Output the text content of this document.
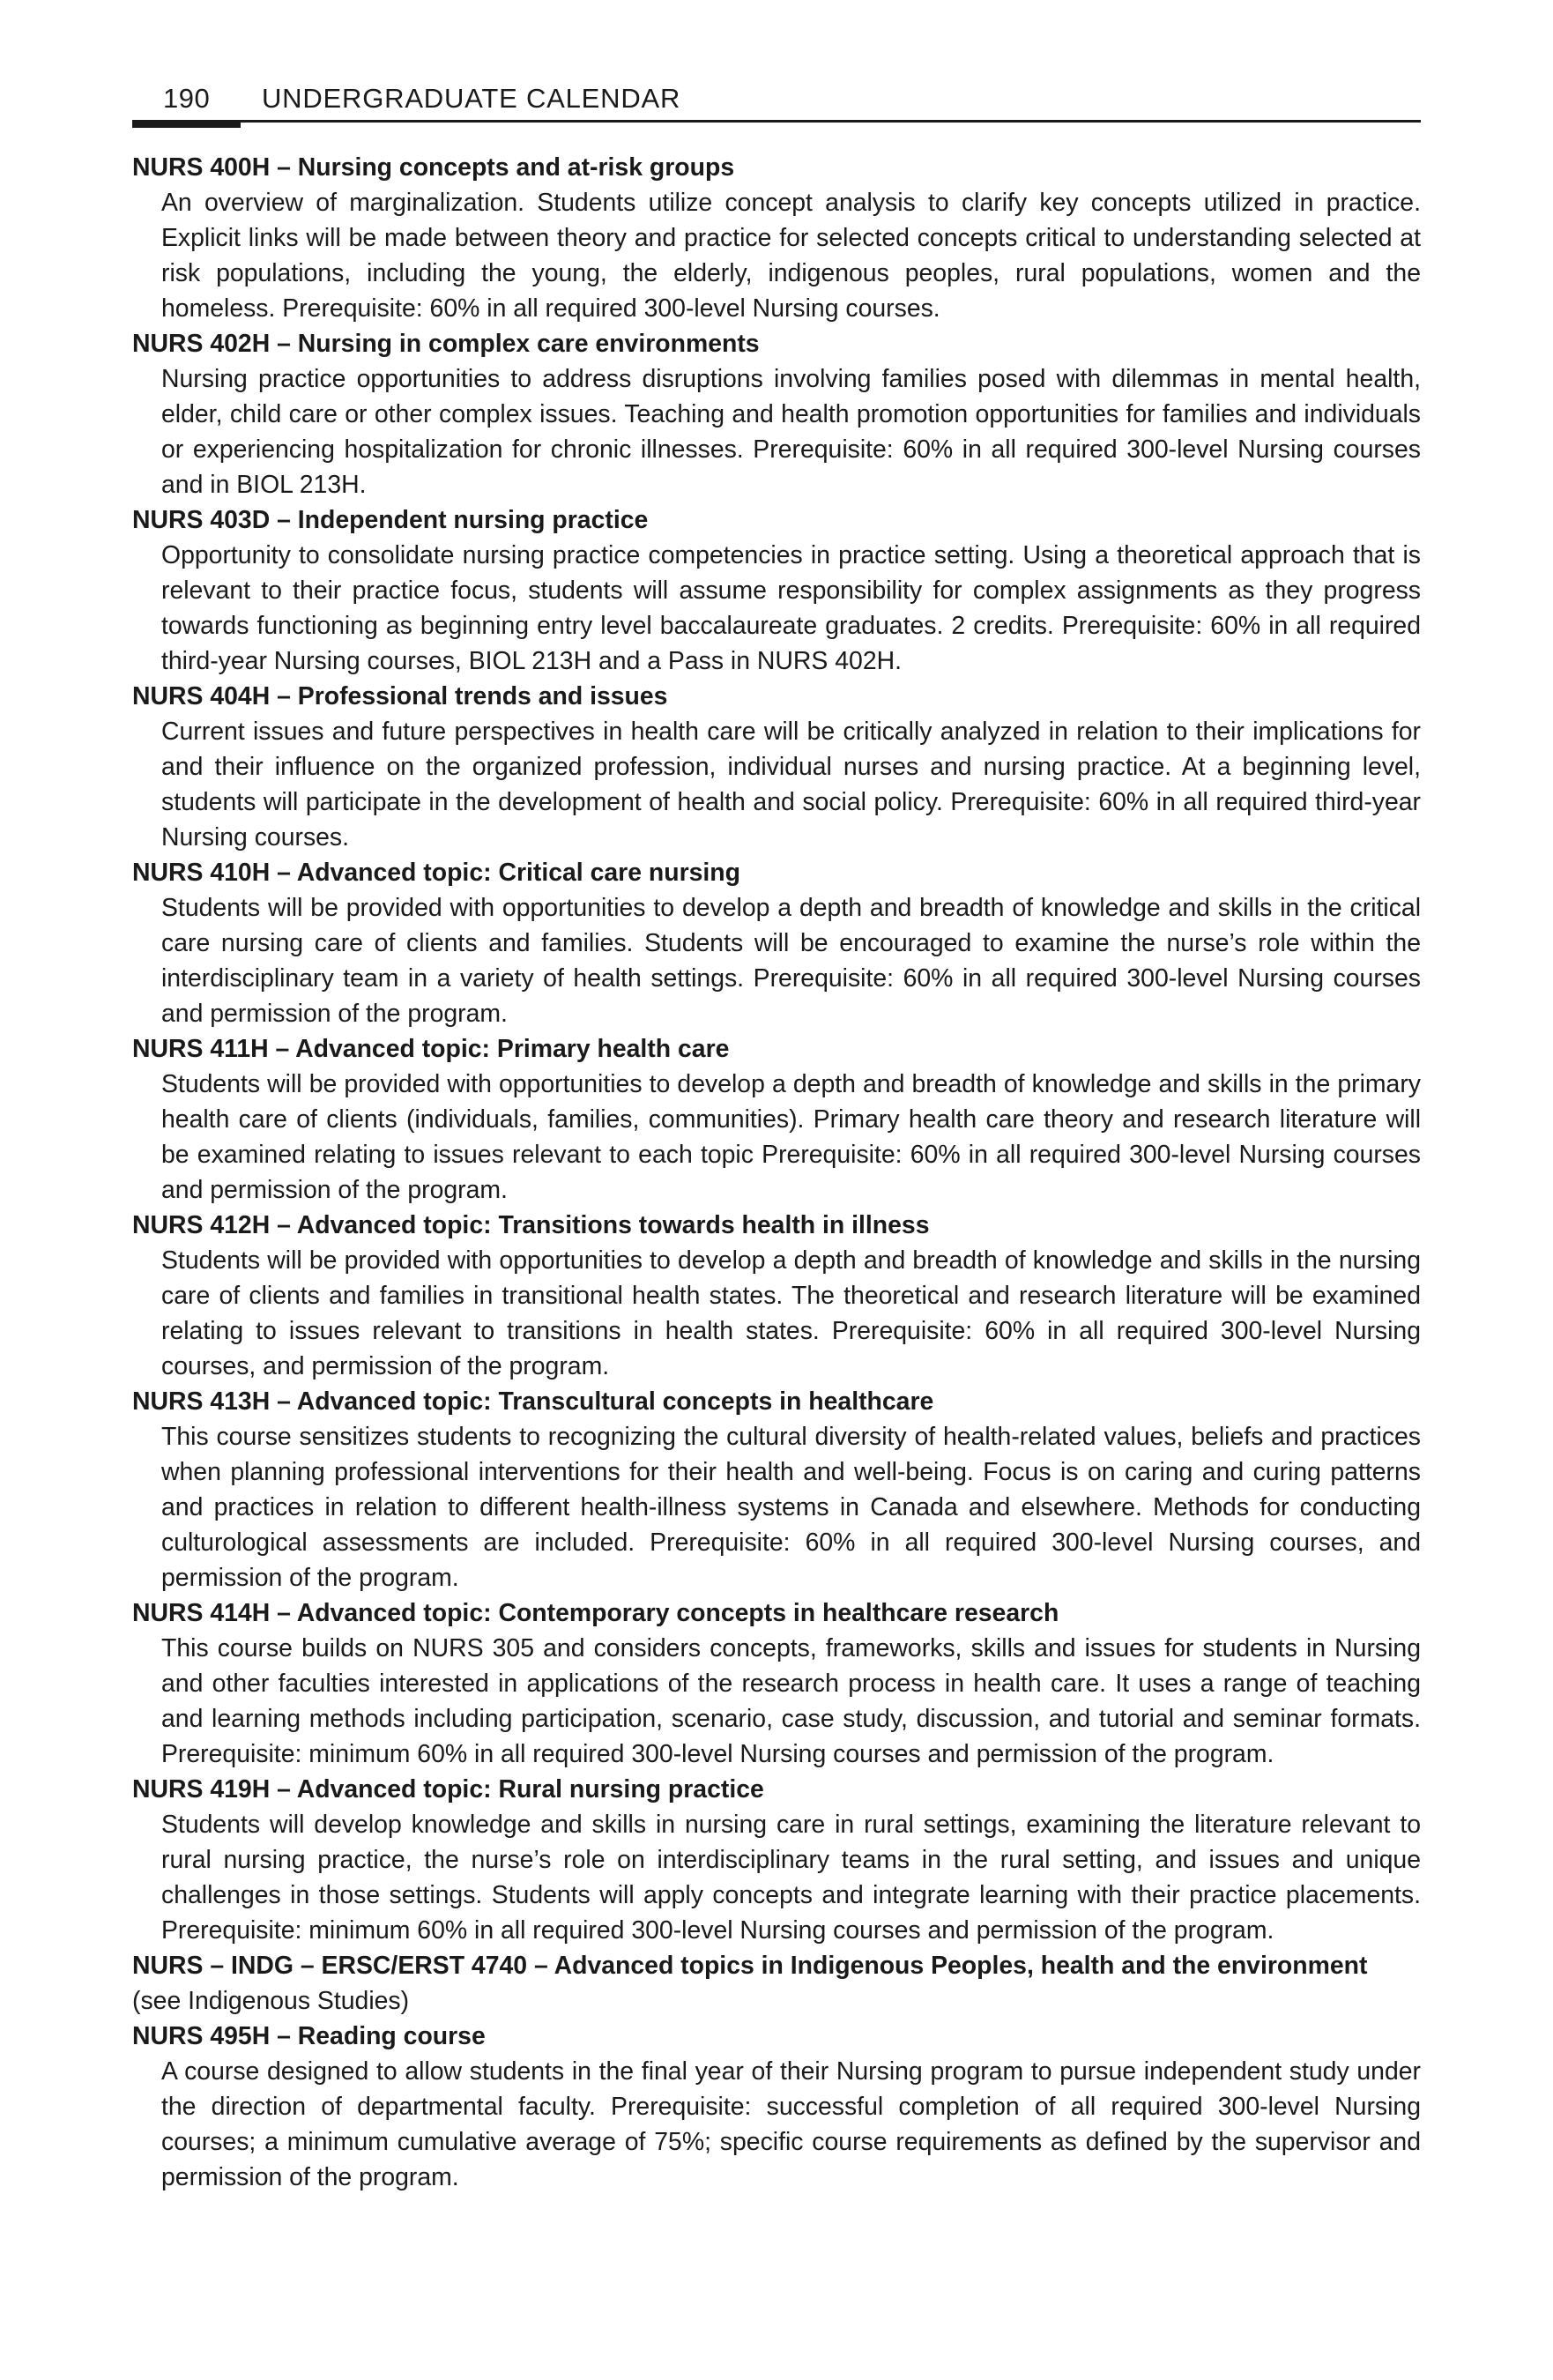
190 UNDERGRADUATE CALENDAR

NURS 400H – Nursing concepts and at-risk groups

An overview of marginalization. Students utilize concept analysis to clarify key concepts utilized in practice. Explicit links will be made between theory and practice for selected concepts critical to understanding selected at risk populations, including the young, the elderly, indigenous peoples, rural populations, women and the homeless. Prerequisite: 60% in all required 300-level Nursing courses.

NURS 402H – Nursing in complex care environments

Nursing practice opportunities to address disruptions involving families posed with dilemmas in mental health, elder, child care or other complex issues. Teaching and health promotion opportunities for families and individuals or experiencing hospitalization for chronic illnesses. Prerequisite: 60% in all required 300-level Nursing courses and in BIOL 213H.

NURS 403D – Independent nursing practice

Opportunity to consolidate nursing practice competencies in practice setting. Using a theoretical approach that is relevant to their practice focus, students will assume responsibility for complex assignments as they progress towards functioning as beginning entry level baccalaureate graduates. 2 credits. Prerequisite: 60% in all required third-year Nursing courses, BIOL 213H and a Pass in NURS 402H.

NURS 404H – Professional trends and issues

Current issues and future perspectives in health care will be critically analyzed in relation to their implications for and their influence on the organized profession, individual nurses and nursing practice. At a beginning level, students will participate in the development of health and social policy. Prerequisite: 60% in all required third-year Nursing courses.

NURS 410H – Advanced topic: Critical care nursing

Students will be provided with opportunities to develop a depth and breadth of knowledge and skills in the critical care nursing care of clients and families. Students will be encouraged to examine the nurse’s role within the interdisciplinary team in a variety of health settings. Prerequisite: 60% in all required 300-level Nursing courses and permission of the program.

NURS 411H – Advanced topic: Primary health care

Students will be provided with opportunities to develop a depth and breadth of knowledge and skills in the primary health care of clients (individuals, families, communities). Primary health care theory and research literature will be examined relating to issues relevant to each topic Prerequisite: 60% in all required 300-level Nursing courses and permission of the program.

NURS 412H – Advanced topic: Transitions towards health in illness

Students will be provided with opportunities to develop a depth and breadth of knowledge and skills in the nursing care of clients and families in transitional health states. The theoretical and research literature will be examined relating to issues relevant to transitions in health states. Prerequisite: 60% in all required 300-level Nursing courses, and permission of the program.

NURS 413H – Advanced topic: Transcultural concepts in healthcare

This course sensitizes students to recognizing the cultural diversity of health-related values, beliefs and practices when planning professional interventions for their health and well-being. Focus is on caring and curing patterns and practices in relation to different health-illness systems in Canada and elsewhere. Methods for conducting culturological assessments are included. Prerequisite: 60% in all required 300-level Nursing courses, and permission of the program.

NURS 414H – Advanced topic: Contemporary concepts in healthcare research

This course builds on NURS 305 and considers concepts, frameworks, skills and issues for students in Nursing and other faculties interested in applications of the research process in health care. It uses a range of teaching and learning methods including participation, scenario, case study, discussion, and tutorial and seminar formats. Prerequisite: minimum 60% in all required 300-level Nursing courses and permission of the program.

NURS 419H – Advanced topic: Rural nursing practice

Students will develop knowledge and skills in nursing care in rural settings, examining the literature relevant to rural nursing practice, the nurse’s role on interdisciplinary teams in the rural setting, and issues and unique challenges in those settings. Students will apply concepts and integrate learning with their practice placements. Prerequisite: minimum 60% in all required 300-level Nursing courses and permission of the program.

NURS – INDG – ERSC/ERST 4740 – Advanced topics in Indigenous Peoples, health and the environment (see Indigenous Studies)

NURS 495H – Reading course

A course designed to allow students in the final year of their Nursing program to pursue independent study under the direction of departmental faculty. Prerequisite: successful completion of all required 300-level Nursing courses; a minimum cumulative average of 75%; specific course requirements as defined by the supervisor and permission of the program.
